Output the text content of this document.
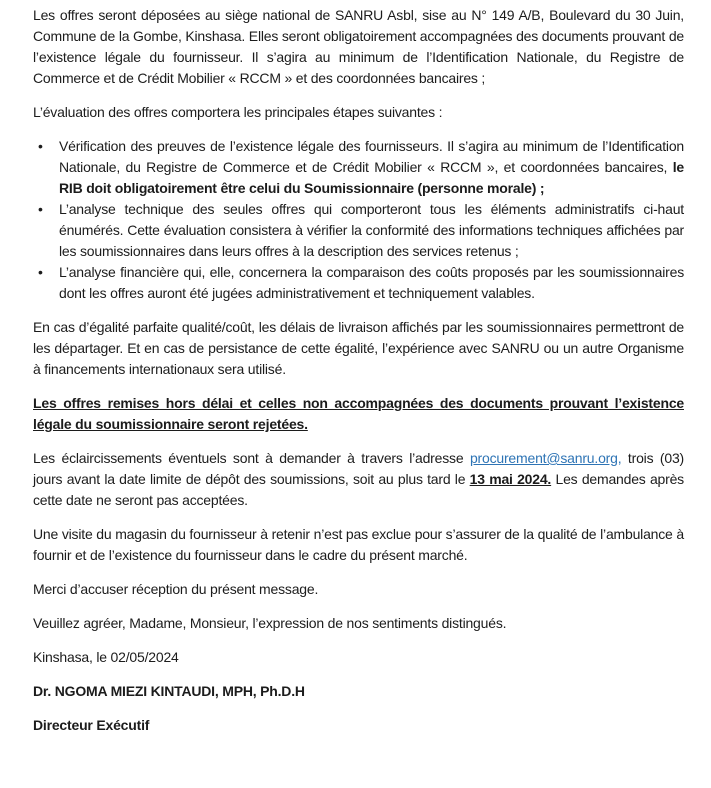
Les offres seront déposées au siège national de SANRU Asbl, sise au N° 149 A/B, Boulevard du 30 Juin, Commune de la Gombe, Kinshasa. Elles seront obligatoirement accompagnées des documents prouvant de l’existence légale du fournisseur. Il s’agira au minimum de l’Identification Nationale, du Registre de Commerce et de Crédit Mobilier « RCCM » et des coordonnées bancaires ;

L’évaluation des offres comportera les principales étapes suivantes :

• Vérification des preuves de l’existence légale des fournisseurs. Il s’agira au minimum de l’Identification Nationale, du Registre de Commerce et de Crédit Mobilier « RCCM », et coordonnées bancaires, le RIB doit obligatoirement être celui du Soumissionnaire (personne morale) ;
• L’analyse technique des seules offres qui comporteront tous les éléments administratifs ci-haut énumérés. Cette évaluation consistera à vérifier la conformité des informations techniques affichées par les soumissionnaires dans leurs offres à la description des services retenus ;
• L’analyse financière qui, elle, concernera la comparaison des coûts proposés par les soumissionnaires dont les offres auront été jugées administrativement et techniquement valables.

En cas d’égalité parfaite qualité/coût, les délais de livraison affichés par les soumissionnaires permettront de les départager. Et en cas de persistance de cette égalité, l’expérience avec SANRU ou un autre Organisme à financements internationaux sera utilisé.

Les offres remises hors délai et celles non accompagnées des documents prouvant l’existence légale du soumissionnaire seront rejetées.

Les éclaircissements éventuels sont à demander à travers l’adresse procurement@sanru.org, trois (03) jours avant la date limite de dépôt des soumissions, soit au plus tard le 13 mai 2024. Les demandes après cette date ne seront pas acceptées.

Une visite du magasin du fournisseur à retenir n’est pas exclue pour s’assurer de la qualité de l’ambulance à fournir et de l’existence du fournisseur dans le cadre du présent marché.

Merci d’accuser réception du présent message.

Veuillez agréer, Madame, Monsieur, l’expression de nos sentiments distingués.

Kinshasa, le 02/05/2024

Dr. NGOMA MIEZI KINTAUDI, MPH, Ph.D.H

Directeur Exécutif
